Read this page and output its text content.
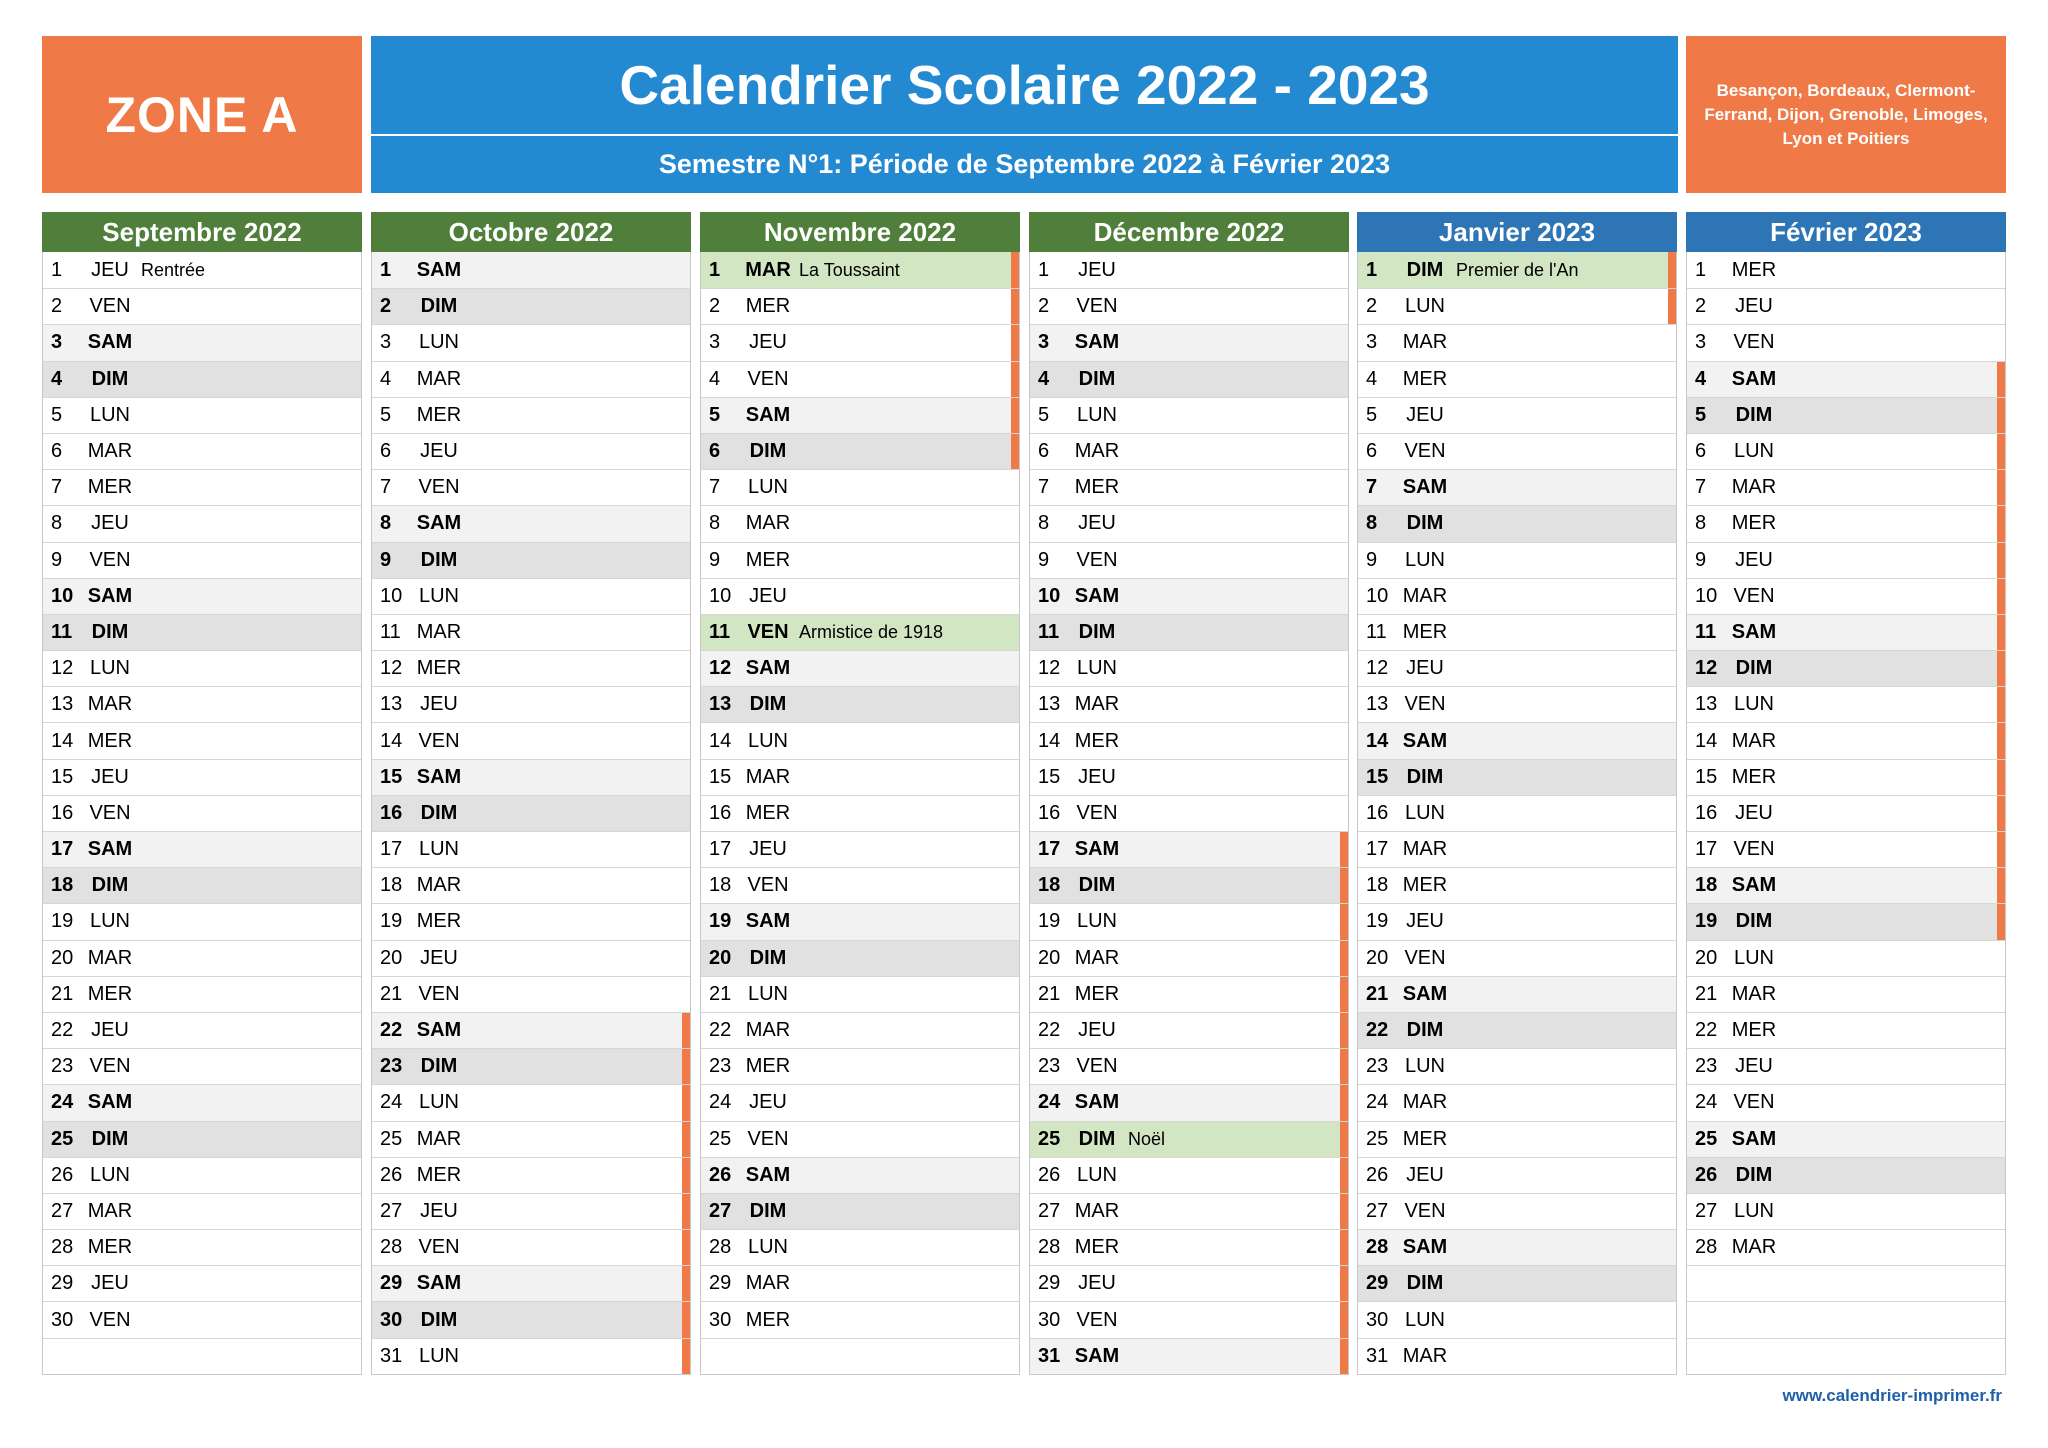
ZONE A	Calendrier Scolaire 2022 - 2023
Semestre N°1: Période de Septembre 2022 à Février 2023
Besançon, Bordeaux, Clermont-Ferrand, Dijon, Grenoble, Limoges, Lyon et Poitiers
Septembre 2022
1	JEU Rentrée
2	VEN
3	SAM
4	DIM
5	LUN
6	MAR
7	MER
8	JEU
9	VEN
10 SAM
11 DIM
12 LUN
13 MAR
14 MER
15 JEU
16 VEN
17 SAM
18 DIM
19 LUN
20 MAR
21 MER
22 JEU
23 VEN
24 SAM
25 DIM
26 LUN
27 MAR
28 MER
29 JEU
30 VEN
Octobre 2022
1	SAM
2	DIM
3	LUN
4	MAR
5	MER
6	JEU
7	VEN
8	SAM
9	DIM
10 LUN
11 MAR
12 MER
13 JEU
14 VEN
15 SAM
16 DIM
17 LUN
18 MAR
19 MER
20 JEU
21 VEN
22 SAM
23 DIM
24 LUN
25 MAR
26 MER
27 JEU
28 VEN
29 SAM
30 DIM
31 LUN
Novembre 2022
1	MAR La Toussaint
2	MER
3	JEU
4	VEN
5	SAM
6	DIM
7	LUN
8	MAR
9	MER
10 JEU
11 VEN Armistice de 1918
12 SAM
13 DIM
14 LUN
15 MAR
16 MER
17 JEU
18 VEN
19 SAM
20 DIM
21 LUN
22 MAR
23 MER
24 JEU
25 VEN
26 SAM
27 DIM
28 LUN
29 MAR
30 MER
Décembre 2022
1	JEU
2	VEN
3	SAM
4	DIM
5	LUN
6	MAR
7	MER
8	JEU
9	VEN
10 SAM
11 DIM
12 LUN
13 MAR
14 MER
15 JEU
16 VEN
17 SAM
18 DIM
19 LUN
20 MAR
21 MER
22 JEU
23 VEN
24 SAM
25 DIM Noël
26 LUN
27 MAR
28 MER
29 JEU
30 VEN
31 SAM
Janvier 2023
1	DIM Premier de l'An
2	LUN
3	MAR
4	MER
5	JEU
6	VEN
7	SAM
8	DIM
9	LUN
10 MAR
11 MER
12 JEU
13 VEN
14 SAM
15 DIM
16 LUN
17 MAR
18 MER
19 JEU
20 VEN
21 SAM
22 DIM
23 LUN
24 MAR
25 MER
26 JEU
27 VEN
28 SAM
29 DIM
30 LUN
31 MAR
Février 2023
1	MER
2	JEU
3	VEN
4	SAM
5	DIM
6	LUN
7	MAR
8	MER
9	JEU
10 VEN
11 SAM
12 DIM
13 LUN
14 MAR
15 MER
16 JEU
17 VEN
18 SAM
19 DIM
20 LUN
21 MAR
22 MER
23 JEU
24 VEN
25 SAM
26 DIM
27 LUN
28 MAR
www.calendrier-imprimer.fr
